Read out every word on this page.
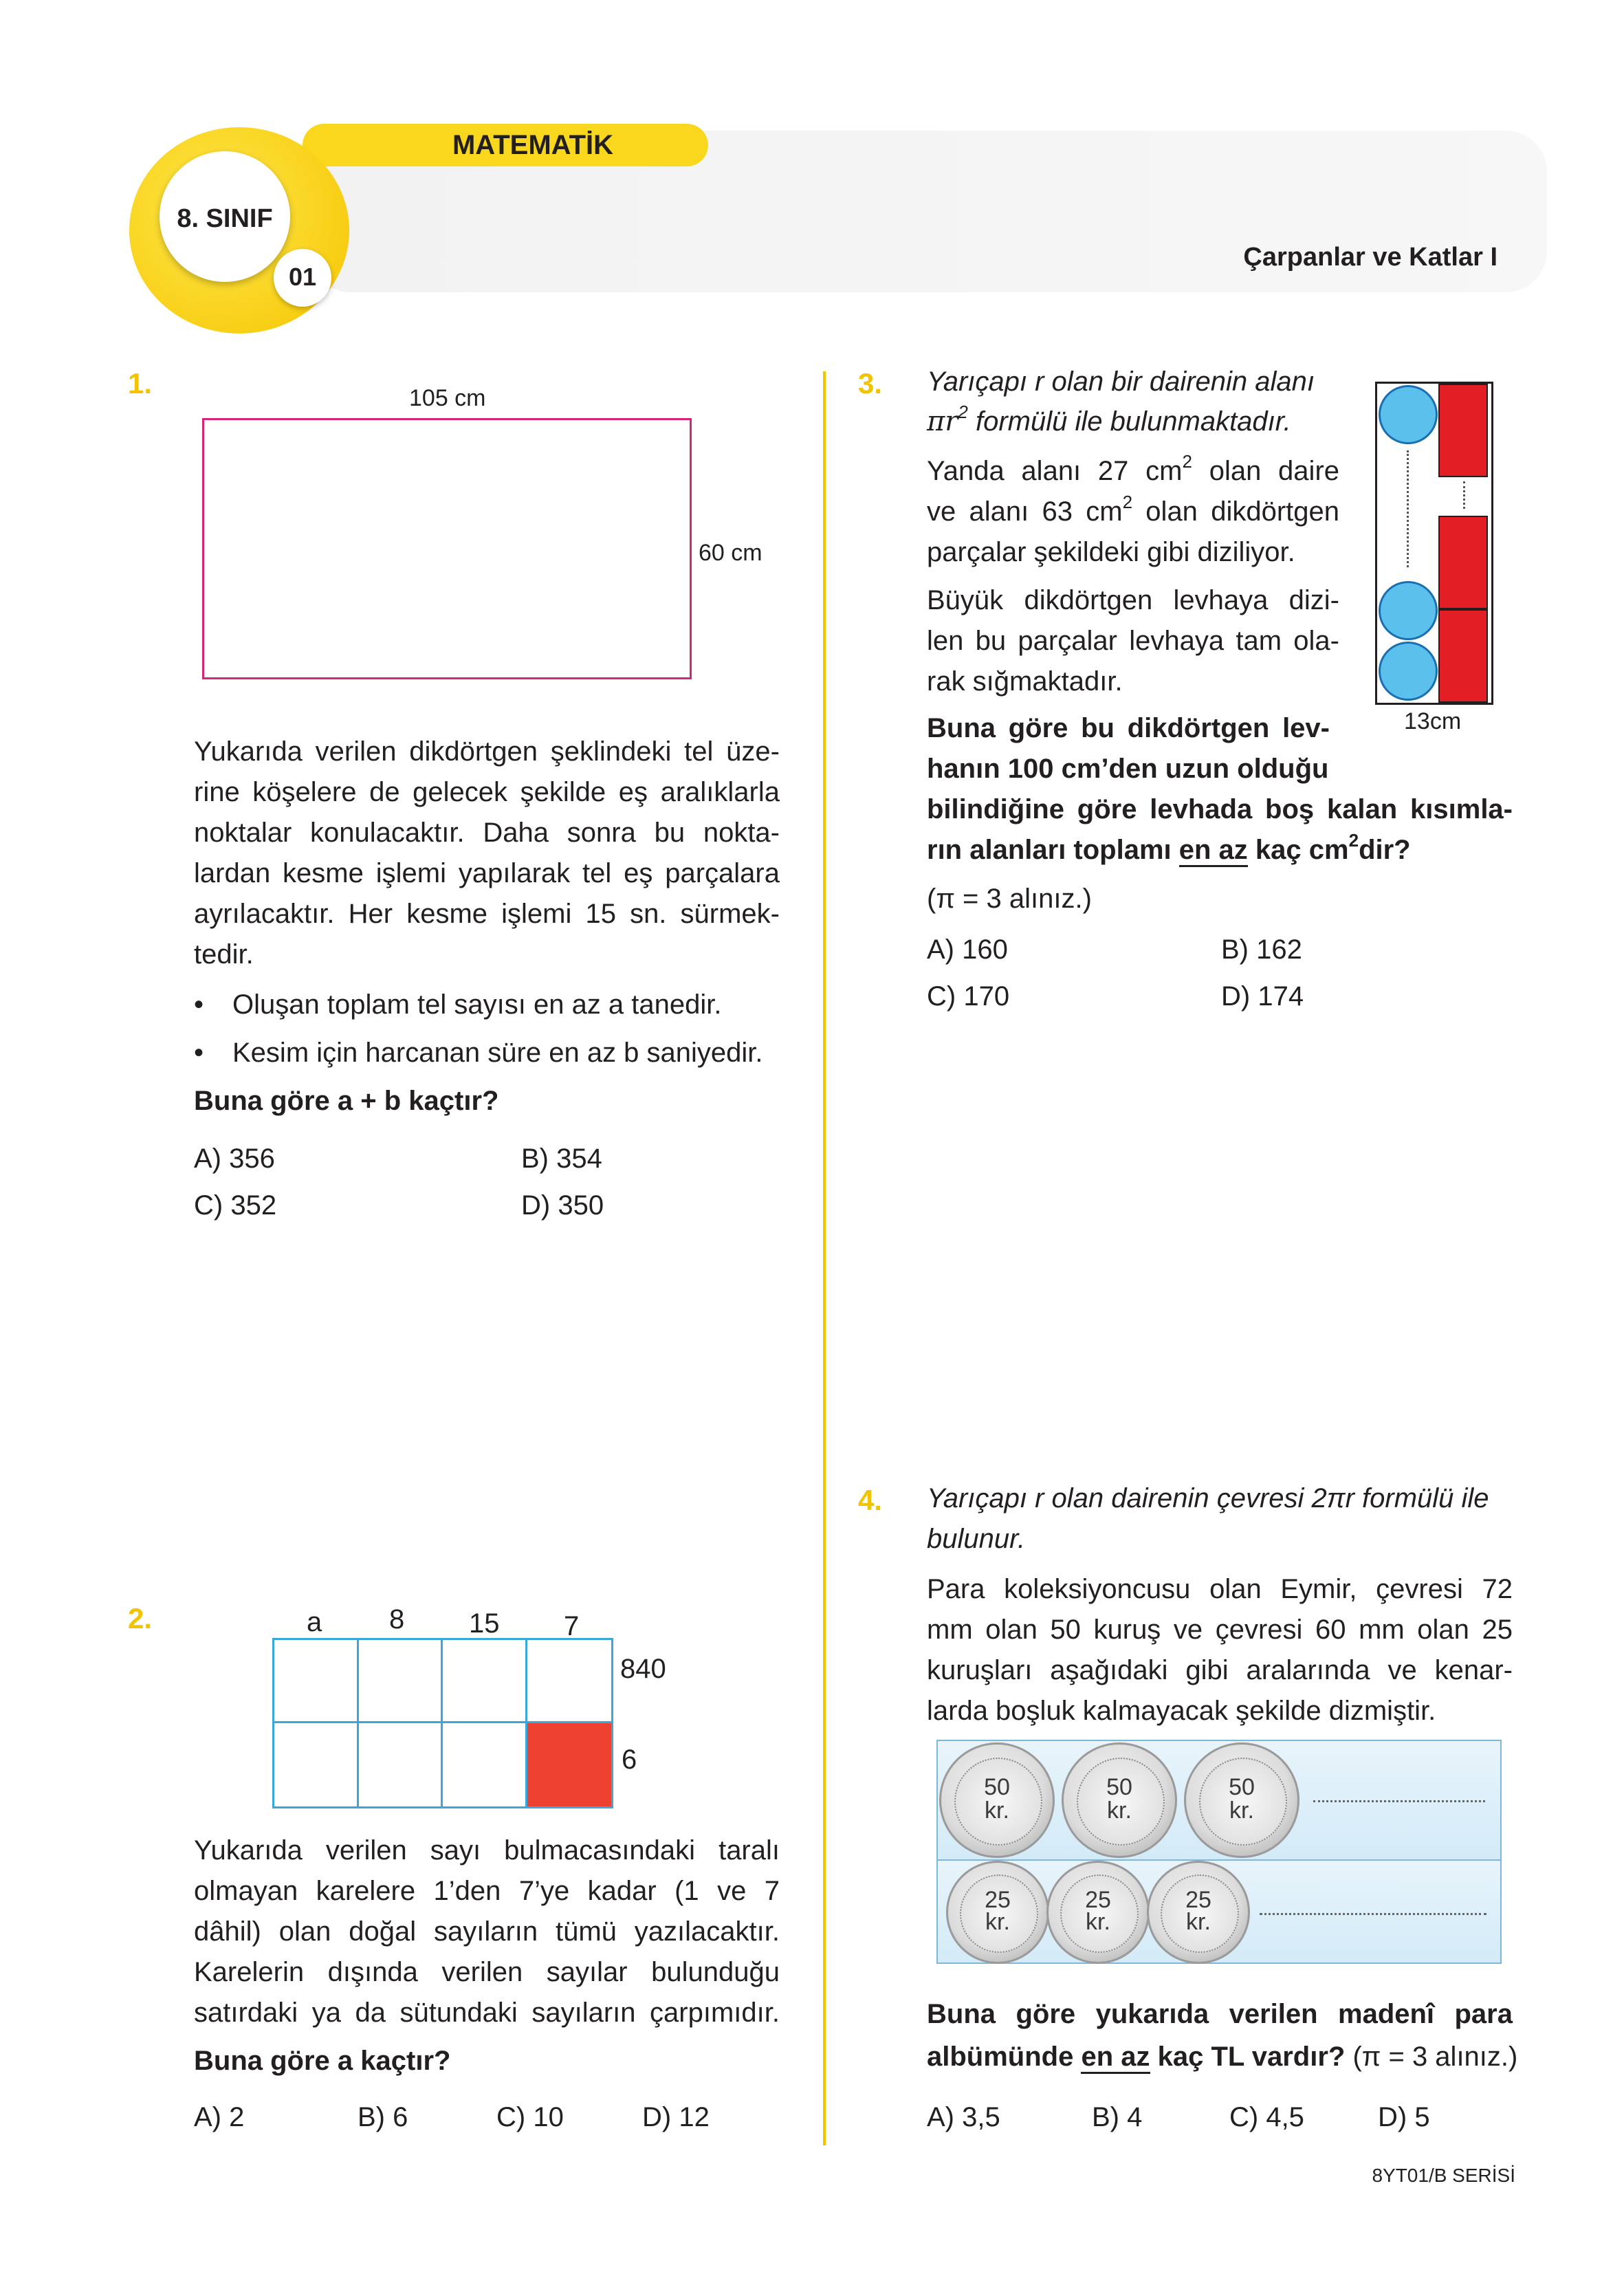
MATEMATİK
8. SINIF
01
Çarpanlar ve Katlar I
1.	105 cm
60 cm
Yukarıda verilen dikdörtgen şeklindeki tel üze-
rine köşelere de gelecek şekilde eş aralıklarla
noktalar konulacaktır. Daha sonra bu nokta-
lardan kesme işlemi yapılarak tel eş parçalara
ayrılacaktır. Her kesme işlemi 15 sn. sürmek-
tedir.
• Oluşan toplam tel sayısı en az a tanedir.
• Kesim için harcanan süre en az b saniyedir.
Buna göre a + b kaçtır?
A) 356	B) 354
C) 352	D) 350
2.	a 8 15 7
840
6
Yukarıda verilen sayı bulmacasındaki taralı
olmayan karelere 1’den 7’ye kadar (1 ve 7
dâhil) olan doğal sayıların tümü yazılacaktır.
Karelerin dışında verilen sayılar bulunduğu
satırdaki ya da sütundaki sayıların çarpımıdır.
Buna göre a kaçtır?
A) 2	B) 6	C) 10	D) 12
3. Yarıçapı r olan bir dairenin alanı
$\pi r^2$ formülü ile bulunmaktadır.
Yanda alanı 27 $cm^2$ olan daire
ve alanı 63 $cm^2$ olan dikdörtgen
parçalar şekildeki gibi diziliyor.
Büyük dikdörtgen levhaya dizi-
len bu parçalar levhaya tam ola-
rak sığmaktadır.
13cm
Buna göre bu dikdörtgen lev-
hanın 100 cm’den uzun olduğu
bilindiğine göre levhada boş kalan kısımla-
rın alanları toplamı en az kaç $cm^2dir$?
(π = 3 alınız.)
A) 160	B) 162
C) 170	D) 174
4. Yarıçapı r olan dairenin çevresi 2πr formülü ile
bulunur.
Para koleksiyoncusu olan Eymir, çevresi 72
mm olan 50 kuruş ve çevresi 60 mm olan 25
kuruşları aşağıdaki gibi aralarında ve kenar-
larda boşluk kalmayacak şekilde dizmiştir.
50
kr.
50
kr.
50
kr.
25
kr.
25
kr.
25
kr.
Buna göre yukarıda verilen madenî para
albümünde en az kaç TL vardır? (π = 3 alınız.)
A) 3,5	B) 4	C) 4,5	D) 5
8YT01/B SERİSİ
